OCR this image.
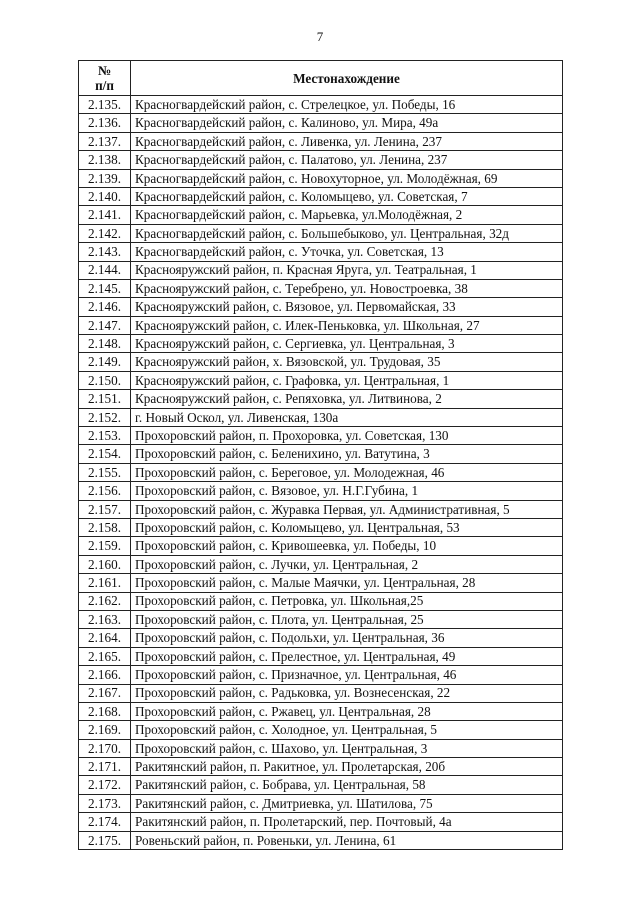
7
№
п/п	Местонахождение
2.135.	Красногвардейский район, с. Стрелецкое, ул. Победы, 16
2.136.	Красногвардейский район, с. Калиново, ул. Мира, 49а
2.137.	Красногвардейский район, с. Ливенка, ул. Ленина, 237
2.138.	Красногвардейский район, с. Палатово, ул. Ленина, 237
2.139.	Красногвардейский район, с. Новохуторное, ул. Молодёжная, 69
2.140.	Красногвардейский район, с. Коломыцево, ул. Советская, 7
2.141.	Красногвардейский район, с. Марьевка, ул.Молодёжная, 2
2.142.	Красногвардейский район, с. Большебыково, ул. Центральная, 32д
2.143.	Красногвардейский район, с. Уточка, ул. Советская, 13
2.144.	Краснояружский район, п. Красная Яруга, ул. Театральная, 1
2.145.	Краснояружский район, с. Теребрено, ул. Новостроевка, 38
2.146.	Краснояружский район, с. Вязовое, ул. Первомайская, 33
2.147.	Краснояружский район, с. Илек-Пеньковка, ул. Школьная, 27
2.148.	Краснояружский район, с. Сергиевка, ул. Центральная, 3
2.149.	Краснояружский район, х. Вязовской, ул. Трудовая, 35
2.150.	Краснояружский район, с. Графовка, ул. Центральная, 1
2.151.	Краснояружский район, с. Репяховка, ул. Литвинова, 2
2.152.	г. Новый Оскол, ул. Ливенская, 130а
2.153.	Прохоровский район, п. Прохоровка, ул. Советская, 130
2.154.	Прохоровский район, с. Беленихино, ул. Ватутина, 3
2.155.	Прохоровский район, с. Береговое, ул. Молодежная, 46
2.156.	Прохоровский район, с. Вязовое, ул. Н.Г.Губина, 1
2.157.	Прохоровский район, с. Журавка Первая, ул. Административная, 5
2.158.	Прохоровский район, с. Коломыцево, ул. Центральная, 53
2.159.	Прохоровский район, с. Кривошеевка, ул. Победы, 10
2.160.	Прохоровский район, с. Лучки, ул. Центральная, 2
2.161.	Прохоровский район, с. Малые Маячки, ул. Центральная, 28
2.162.	Прохоровский район, с. Петровка, ул. Школьная,25
2.163.	Прохоровский район, с. Плота, ул. Центральная, 25
2.164.	Прохоровский район, с. Подольхи, ул. Центральная, 36
2.165.	Прохоровский район, с. Прелестное, ул. Центральная, 49
2.166.	Прохоровский район, с. Призначное, ул. Центральная, 46
2.167.	Прохоровский район, с. Радьковка, ул. Вознесенская, 22
2.168.	Прохоровский район, с. Ржавец, ул. Центральная, 28
2.169.	Прохоровский район, с. Холодное, ул. Центральная, 5
2.170.	Прохоровский район, с. Шахово, ул. Центральная, 3
2.171.	Ракитянский район, п. Ракитное, ул. Пролетарская, 20б
2.172.	Ракитянский район, с. Бобрава, ул. Центральная, 58
2.173.	Ракитянский район, с. Дмитриевка, ул. Шатилова, 75
2.174.	Ракитянский район, п. Пролетарский, пер. Почтовый, 4а
2.175.	Ровеньский район, п. Ровеньки, ул. Ленина, 61
